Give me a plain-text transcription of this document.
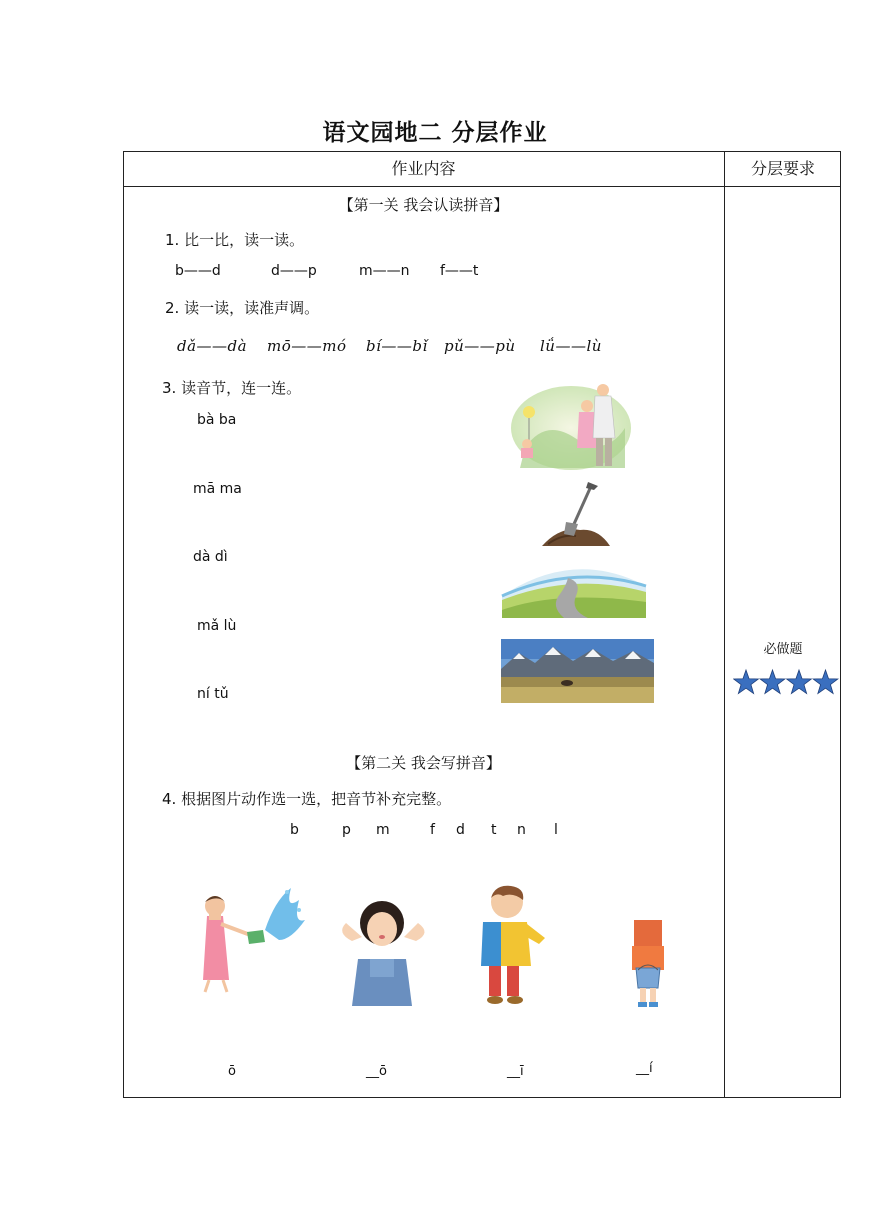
语文园地二 分层作业
作业内容	分层要求
【第一关 我会认读拼音】
1. 比一比，读一读。
b——d	d——p	m——n f——t
2. 读一读，读准声调。
dǎ——dà mō——mó bí——bǐ pǔ——pù lǘ——lù
3. 读音节，连一连。
bà ba
mā ma
dà dì
mǎ lù
ní tǔ
【第二关 我会写拼音】
4. 根据图片动作选一选，把音节补充完整。
b	p m	f d t n l
ō	__ō	__ī	__í
必做题
